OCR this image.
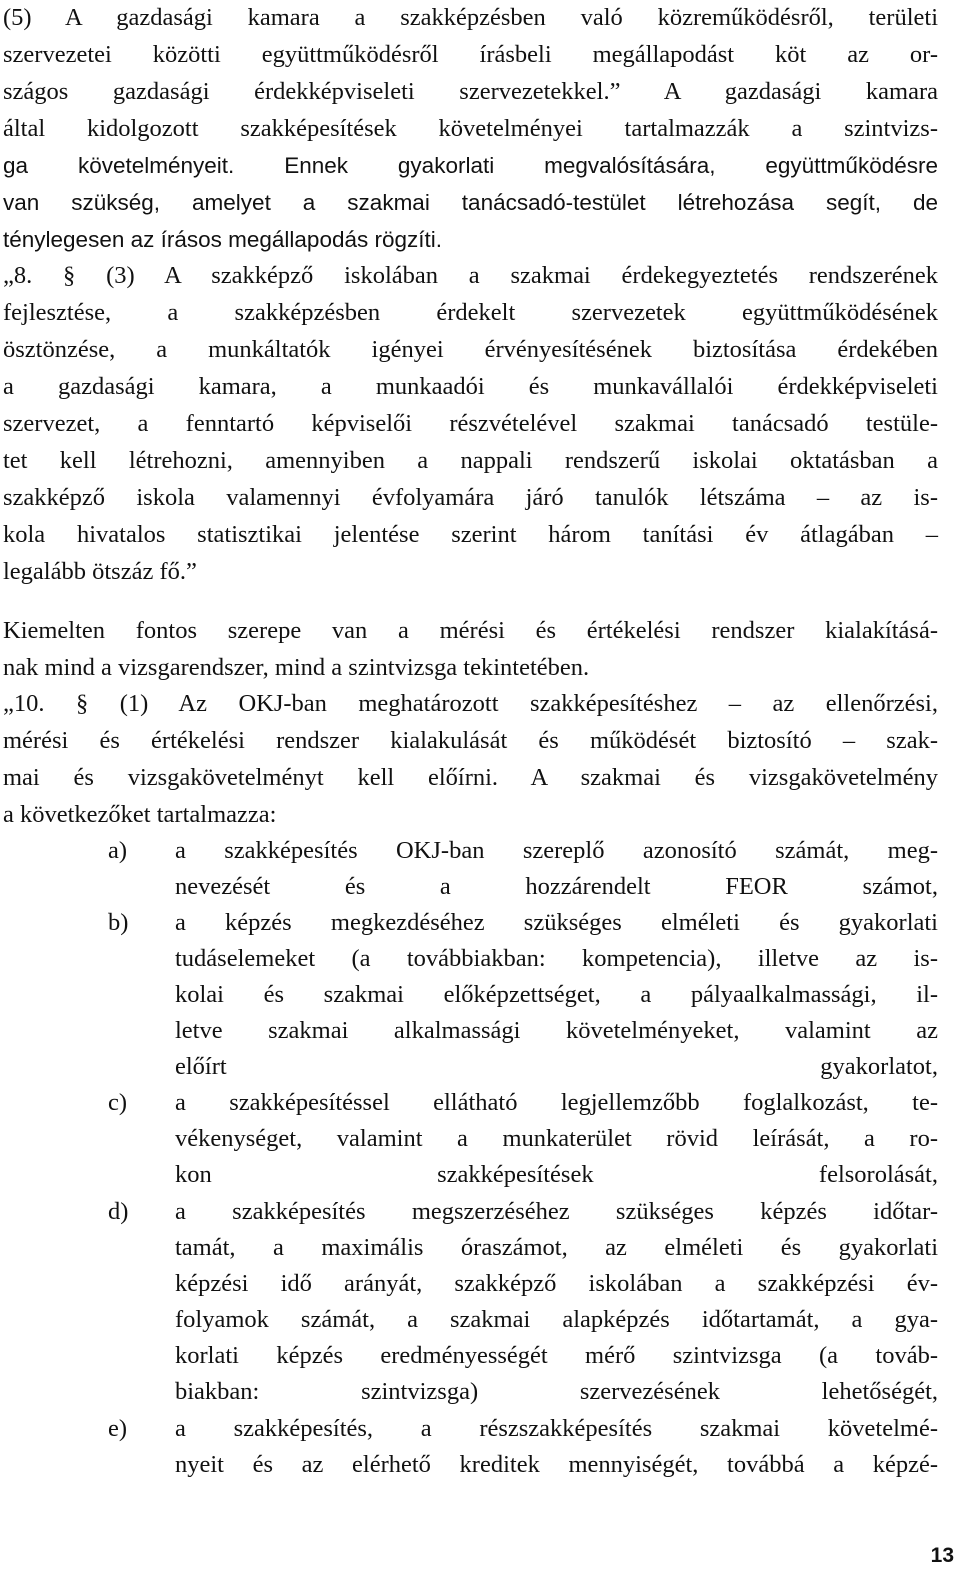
(5) A gazdasági kamara a szakképzésben való közreműködésről, területi
szervezetei közötti együttműködésről írásbeli megállapodást köt az or-
szágos gazdasági érdekképviseleti szervezetekkel.” A gazdasági kamara
által kidolgozott szakképesítések követelményei tartalmazzák a szintvizs-
ga követelményeit. Ennek gyakorlati megvalósítására, együttműködésre
van szükség, amelyet a szakmai tanácsadó-testület létrehozása segít, de
ténylegesen az írásos megállapodás rögzíti.
„8. § (3) A szakképző iskolában a szakmai érdekegyeztetés rendszerének
fejlesztése, a szakképzésben érdekelt szervezetek együttműködésének
ösztönzése, a munkáltatók igényei érvényesítésének biztosítása érdekében
a gazdasági kamara, a munkaadói és munkavállalói érdekképviseleti
szervezet, a fenntartó képviselői részvételével szakmai tanácsadó testüle-
tet kell létrehozni, amennyiben a nappali rendszerű iskolai oktatásban a
szakképző iskola valamennyi évfolyamára járó tanulók létszáma – az is-
kola hivatalos statisztikai jelentése szerint három tanítási év átlagában –
legalább ötszáz fő.”
Kiemelten fontos szerepe van a mérési és értékelési rendszer kialakításá-
nak mind a vizsgarendszer, mind a szintvizsga tekintetében.
„10. § (1) Az OKJ-ban meghatározott szakképesítéshez – az ellenőrzési,
mérési és értékelési rendszer kialakulását és működését biztosító – szak-
mai és vizsgakövetelményt kell előírni. A szakmai és vizsgakövetelmény
a következőket tartalmazza:
a)	a szakképesítés OKJ-ban szereplő azonosító számát, meg-
nevezését és a hozzárendelt FEOR számot,
b)	a képzés megkezdéséhez szükséges elméleti és gyakorlati
tudáselemeket (a továbbiakban: kompetencia), illetve az is-
kolai és szakmai előképzettséget, a pályaalkalmassági, il-
letve szakmai alkalmassági követelményeket, valamint az
előírt gyakorlatot,
c)	a szakképesítéssel ellátható legjellemzőbb foglalkozást, te-
vékenységet, valamint a munkaterület rövid leírását, a ro-
kon szakképesítések felsorolását,
d)	a szakképesítés megszerzéséhez szükséges képzés időtar-
tamát, a maximális óraszámot, az elméleti és gyakorlati
képzési idő arányát, szakképző iskolában a szakképzési év-
folyamok számát, a szakmai alapképzés időtartamát, a gya-
korlati képzés eredményességét mérő szintvizsga (a továb-
biakban: szintvizsga) szervezésének lehetőségét,
e)	a szakképesítés, a részszakképesítés szakmai követelmé-
nyeit és az elérhető kreditek mennyiségét, továbbá a képzé-
13
